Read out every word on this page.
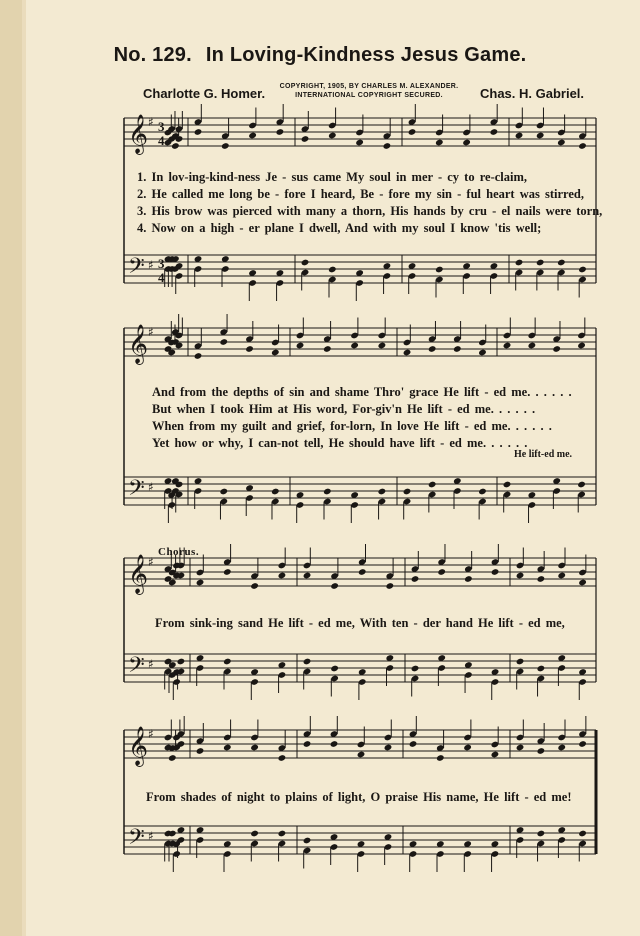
No. 129. In Loving-Kindness Jesus Game.
Charlotte G. Homer.	COPYRIGHT, 1905, BY CHARLES M. ALEXANDER.
INTERNATIONAL COPYRIGHT SECURED.	Chas. H. Gabriel.
𝄞 ♯ 3
4
𝄢 ♯ 3
4
𝄞 ♯
𝄢 ♯
𝄞 ♯
𝄢 ♯
𝄞 ♯
𝄢 ♯
1. In lov-ing-kind-ness Je - sus came My soul in mer - cy to re-claim,
2. He called me long be - fore I heard, Be - fore my sin - ful heart was stirred,
3. His brow was pierced with many a thorn, His hands by cru - el nails were torn,
4. Now on a high - er plane I dwell, And with my soul I know 'tis well;
And from the depths of sin and shame Thro' grace He lift - ed me. . . . . .
But when I took Him at His word, For-giv'n He lift - ed me. . . . . .
When from my guilt and grief, for-lorn, In love He lift - ed me. . . . . .
Yet how or why, I can-not tell, He should have lift - ed me. . . . . .
He lift-ed me.
Chorus.
From sink-ing sand He lift - ed me, With ten - der hand He lift - ed me,
From shades of night to plains of light, O praise His name, He lift - ed me!
